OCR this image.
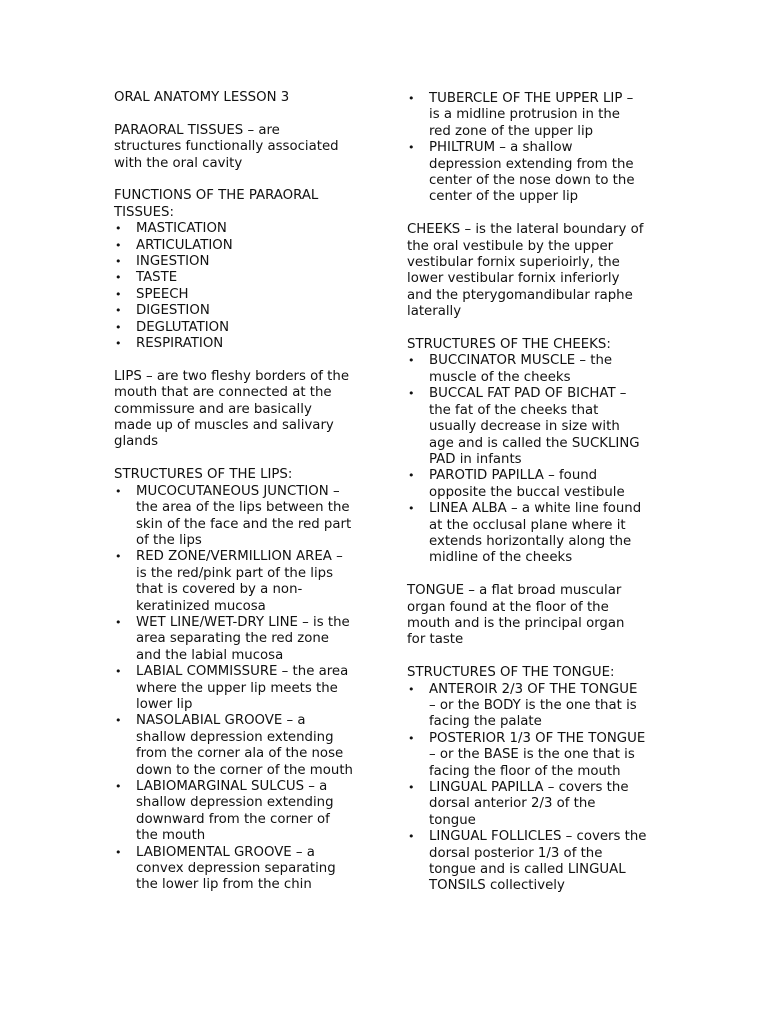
ORAL ANATOMY LESSON 3

PARAORAL TISSUES – are
structures functionally associated
with the oral cavity

FUNCTIONS OF THE PARAORAL
TISSUES:

• MASTICATION
• ARTICULATION
• INGESTION
• TASTE
• SPEECH
• DIGESTION
• DEGLUTATION
• RESPIRATION

LIPS – are two fleshy borders of the
mouth that are connected at the
commissure and are basically
made up of muscles and salivary
glands

STRUCTURES OF THE LIPS:

• MUCOCUTANEOUS JUNCTION –
the area of the lips between the
skin of the face and the red part
of the lips
• RED ZONE/VERMILLION AREA –
is the red/pink part of the lips
that is covered by a non-
keratinized mucosa
• WET LINE/WET-DRY LINE – is the
area separating the red zone
and the labial mucosa
• LABIAL COMMISSURE – the area
where the upper lip meets the
lower lip
• NASOLABIAL GROOVE – a
shallow depression extending
from the corner ala of the nose
down to the corner of the mouth
• LABIOMARGINAL SULCUS – a
shallow depression extending
downward from the corner of
the mouth
• LABIOMENTAL GROOVE – a
convex depression separating
the lower lip from the chin
• TUBERCLE OF THE UPPER LIP –
is a midline protrusion in the
red zone of the upper lip
• PHILTRUM – a shallow
depression extending from the
center of the nose down to the
center of the upper lip

CHEEKS – is the lateral boundary of
the oral vestibule by the upper
vestibular fornix superioirly, the
lower vestibular fornix inferiorly
and the pterygomandibular raphe
laterally

STRUCTURES OF THE CHEEKS:

• BUCCINATOR MUSCLE – the
muscle of the cheeks
• BUCCAL FAT PAD OF BICHAT –
the fat of the cheeks that
usually decrease in size with
age and is called the SUCKLING
PAD in infants
• PAROTID PAPILLA – found
opposite the buccal vestibule
• LINEA ALBA – a white line found
at the occlusal plane where it
extends horizontally along the
midline of the cheeks

TONGUE – a flat broad muscular
organ found at the floor of the
mouth and is the principal organ
for taste

STRUCTURES OF THE TONGUE:

• ANTEROIR 2/3 OF THE TONGUE
– or the BODY is the one that is
facing the palate
• POSTERIOR 1/3 OF THE TONGUE
– or the BASE is the one that is
facing the floor of the mouth
• LINGUAL PAPILLA – covers the
dorsal anterior 2/3 of the
tongue
• LINGUAL FOLLICLES – covers the
dorsal posterior 1/3 of the
tongue and is called LINGUAL
TONSILS collectively
